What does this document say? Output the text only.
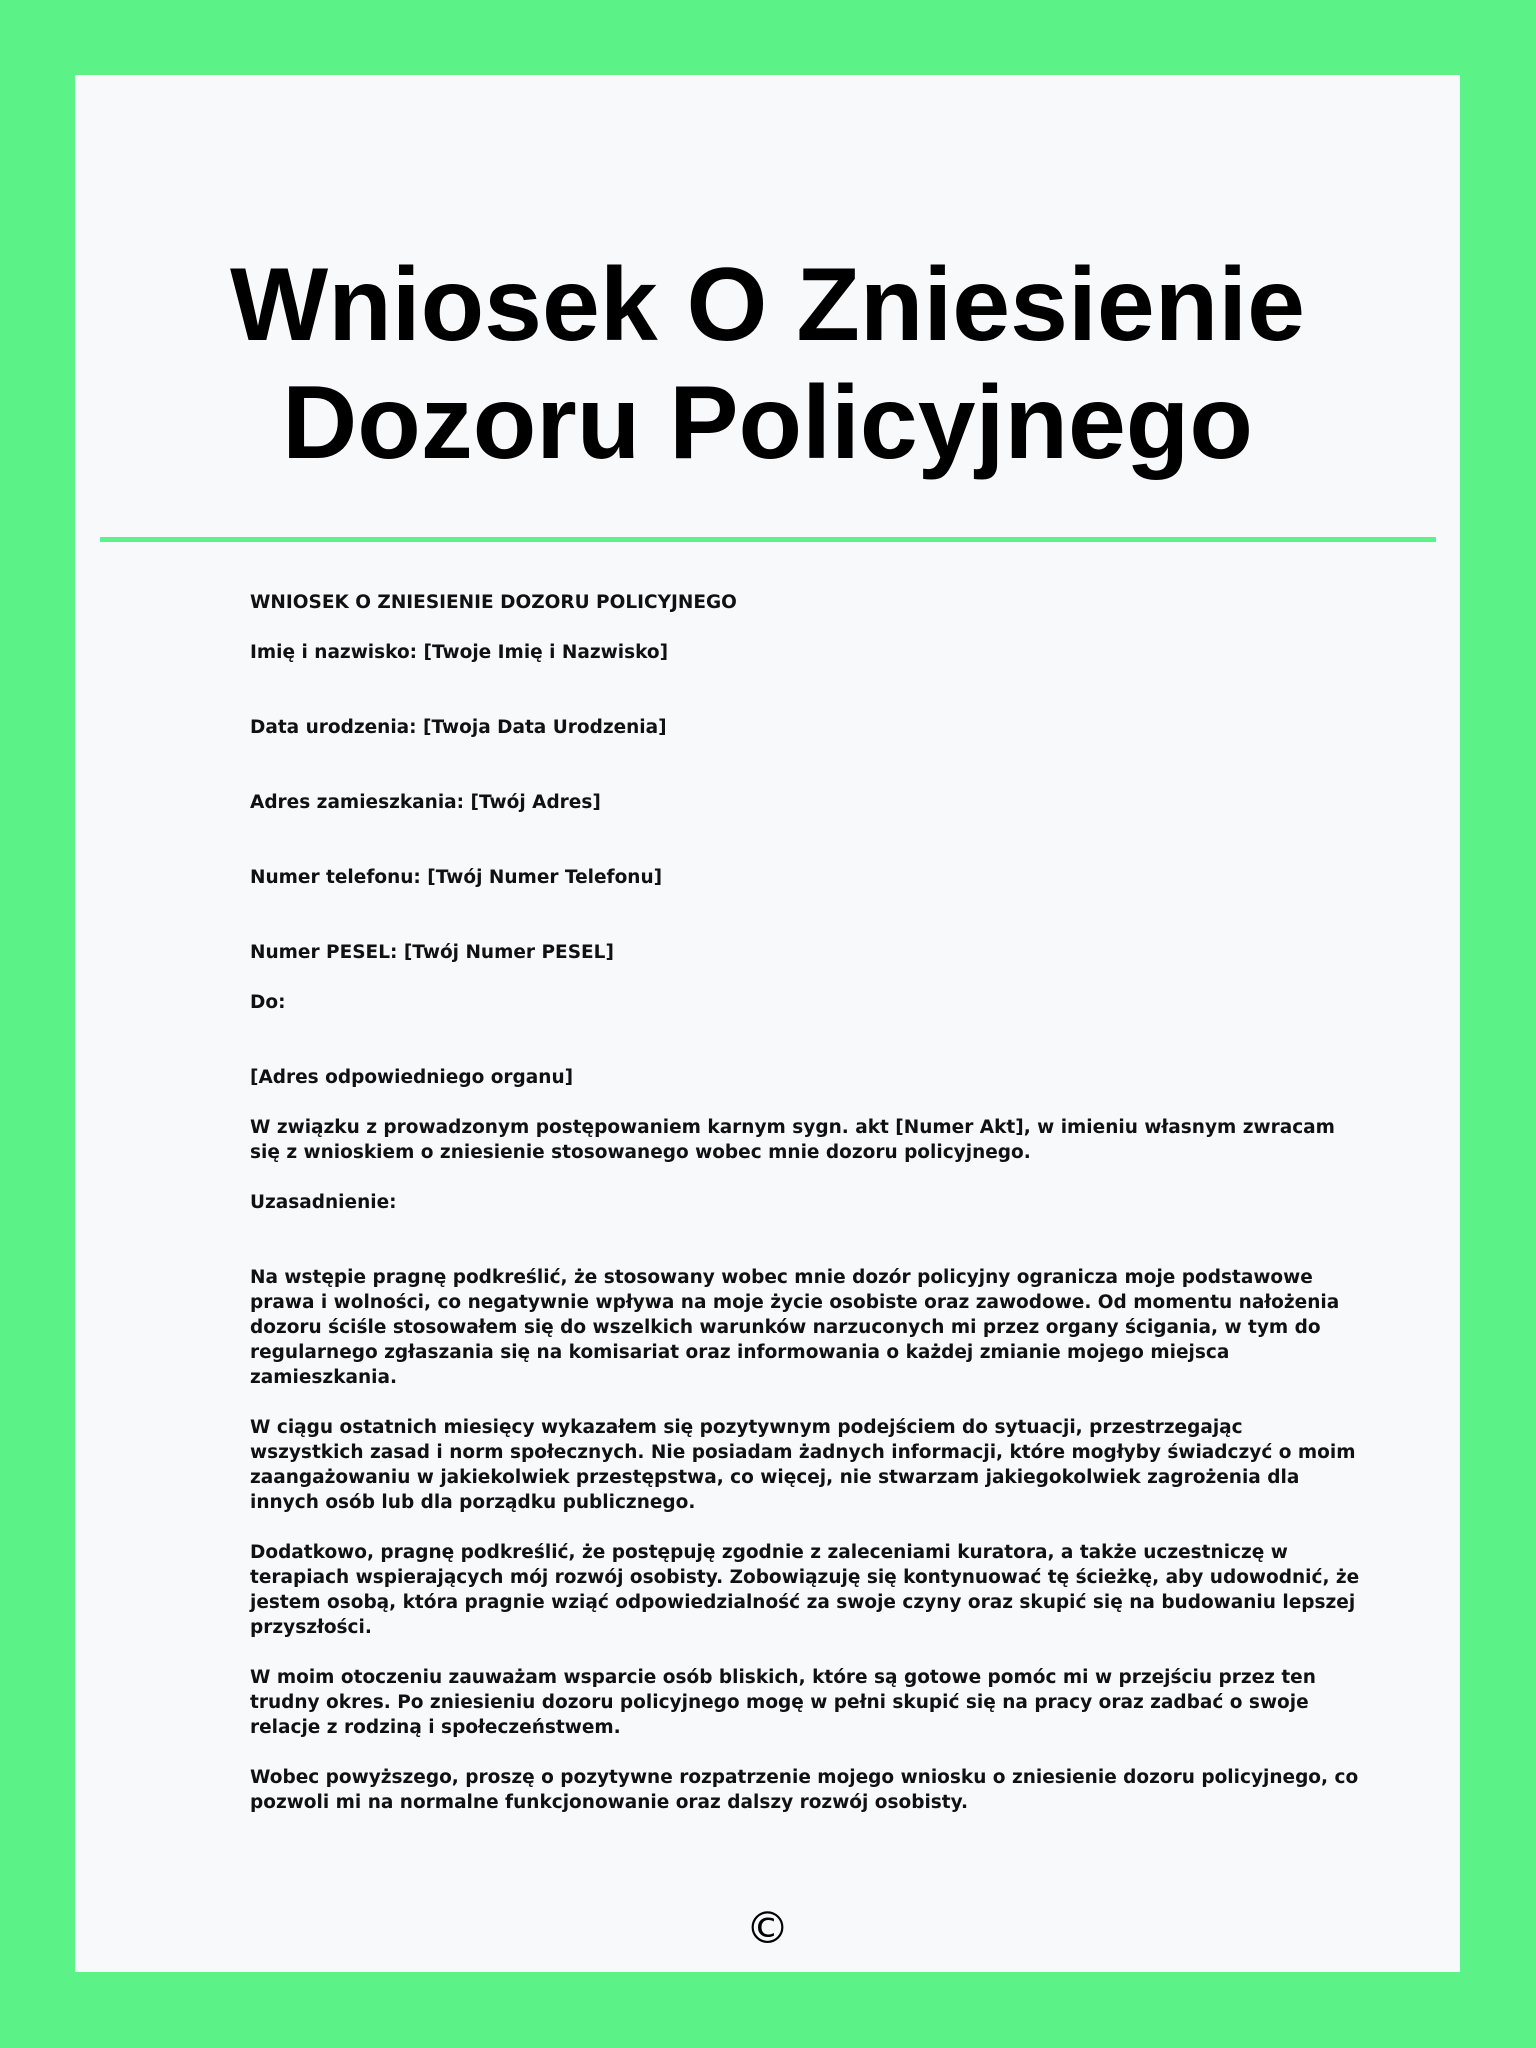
Wniosek O Zniesienie
Dozoru Policyjnego

WNIOSEK O ZNIESIENIE DOZORU POLICYJNEGO

Imię i nazwisko: [Twoje Imię i Nazwisko]

Data urodzenia: [Twoja Data Urodzenia]

Adres zamieszkania: [Twój Adres]

Numer telefonu: [Twój Numer Telefonu]

Numer PESEL: [Twój Numer PESEL]

Do:

[Adres odpowiedniego organu]

W związku z prowadzonym postępowaniem karnym sygn. akt [Numer Akt], w imieniu własnym zwracam się z wnioskiem o zniesienie stosowanego wobec mnie dozoru policyjnego.

Uzasadnienie:

Na wstępie pragnę podkreślić, że stosowany wobec mnie dozór policyjny ogranicza moje podstawowe prawa i wolności, co negatywnie wpływa na moje życie osobiste oraz zawodowe. Od momentu nałożenia dozoru ściśle stosowałem się do wszelkich warunków narzuconych mi przez organy ścigania, w tym do regularnego zgłaszania się na komisariat oraz informowania o każdej zmianie mojego miejsca zamieszkania.

W ciągu ostatnich miesięcy wykazałem się pozytywnym podejściem do sytuacji, przestrzegając wszystkich zasad i norm społecznych. Nie posiadam żadnych informacji, które mogłyby świadczyć o moim zaangażowaniu w jakiekolwiek przestępstwa, co więcej, nie stwarzam jakiegokolwiek zagrożenia dla innych osób lub dla porządku publicznego.

Dodatkowo, pragnę podkreślić, że postępuję zgodnie z zaleceniami kuratora, a także uczestniczę w terapiach wspierających mój rozwój osobisty. Zobowiązuję się kontynuować tę ścieżkę, aby udowodnić, że jestem osobą, która pragnie wziąć odpowiedzialność za swoje czyny oraz skupić się na budowaniu lepszej przyszłości.

W moim otoczeniu zauważam wsparcie osób bliskich, które są gotowe pomóc mi w przejściu przez ten trudny okres. Po zniesieniu dozoru policyjnego mogę w pełni skupić się na pracy oraz zadbać o swoje relacje z rodziną i społeczeństwem.

Wobec powyższego, proszę o pozytywne rozpatrzenie mojego wniosku o zniesienie dozoru policyjnego, co pozwoli mi na normalne funkcjonowanie oraz dalszy rozwój osobisty.

©
